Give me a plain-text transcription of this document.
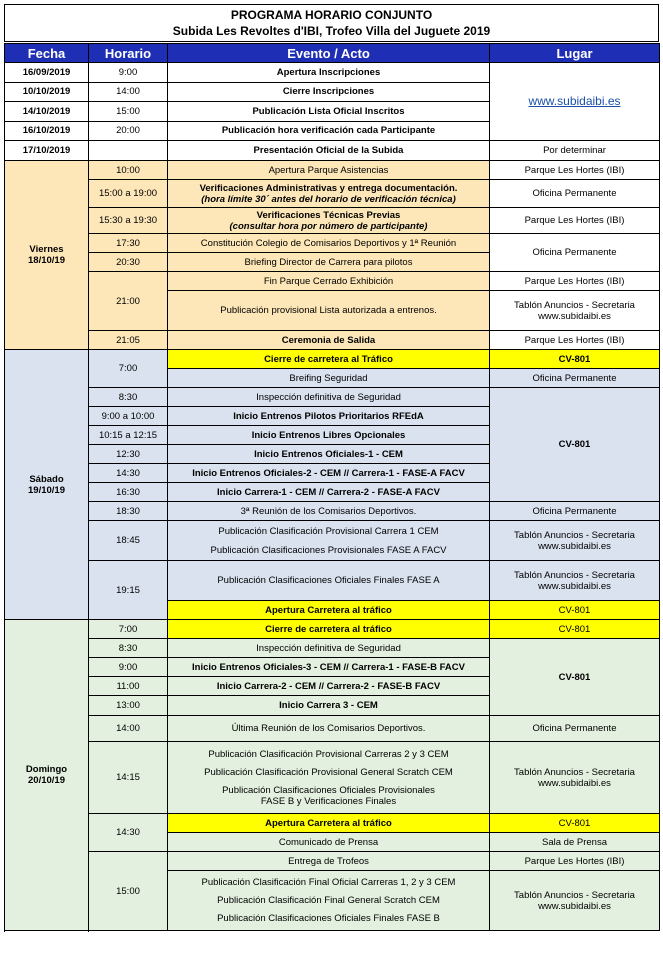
PROGRAMA HORARIO CONJUNTO
Subida Les Revoltes d'IBI, Trofeo Villa del Juguete 2019
Fecha	Horario	Evento / Acto	Lugar
16/09/2019	9:00	Apertura Inscripciones	www.subidaibi.es
10/10/2019	14:00	Cierre Inscripciones	
14/10/2019	15:00	Publicación Lista Oficial Inscritos	
16/10/2019	20:00	Publicación hora verificación cada Participante	
17/10/2019		Presentación Oficial de la Subida	Por determinar

Viernes
18/10/19	10:00	Apertura Parque Asistencias	Parque Les Hortes (IBI)
	15:00 a 19:00	Verificaciones Administrativas y entrega documentación.
(hora límite 30´ antes del horario de verificación técnica)	Oficina Permanente
	15:30 a 19:30	Verificaciones Técnicas Previas
(consultar hora por número de participante)	Parque Les Hortes (IBI)
	17:30	Constitución Colegio de Comisarios Deportivos y 1ª Reunión	Oficina Permanente
	20:30	Briefing Director de Carrera para pilotos	
	21:00	Fin Parque Cerrado Exhibición	Parque Les Hortes (IBI)
		Publicación provisional Lista autorizada a entrenos.	Tablón Anuncios - Secretaria
www.subidaibi.es

	21:05	Ceremonia de Salida	Parque Les Hortes (IBI)

Sábado
19/10/19	7:00	Cierre de carretera al Tráfico	CV-801
		Breifing Seguridad	Oficina Permanente
	8:30	Inspección definitiva de Seguridad	CV-801
	9:00 a 10:00	Inicio Entrenos Pilotos Prioritarios RFEdA	
	10:15 a 12:15	Inicio Entrenos Libres Opcionales	
	12:30	Inicio Entrenos Oficiales-1 - CEM	
	14:30	Inicio Entrenos Oficiales-2 - CEM // Carrera-1 - FASE-A FACV	
	16:30	Inicio Carrera-1 - CEM // Carrera-2 - FASE-A FACV	
	18:30	3ª Reunión de los Comisarios Deportivos.	Oficina Permanente
	18:45	Publicación Clasificación Provisional Carrera 1 CEM
Publicación Clasificaciones Provisionales FASE A FACV	Tablón Anuncios - Secretaria
www.subidaibi.es

	19:15	Publicación Clasificaciones Oficiales Finales FASE A	Tablón Anuncios - Secretaria
www.subidaibi.es

		Apertura Carretera al tráfico	CV-801

Domingo
20/10/19	7:00	Cierre de carretera al tráfico	CV-801
	8:30	Inspección definitiva de Seguridad	CV-801
	9:00	Inicio Entrenos Oficiales-3 - CEM // Carrera-1 - FASE-B FACV	
	11:00	Inicio Carrera-2 - CEM // Carrera-2 - FASE-B FACV	
	13:00	Inicio Carrera 3 - CEM	
	14:00	Última Reunión de los Comisarios Deportivos.	Oficina Permanente
	14:15	Publicación Clasificación Provisional Carreras 2 y 3 CEM
Publicación Clasificación Provisional General Scratch CEM
Publicación Clasificaciones Oficiales Provisionales FASE B y Verificaciones Finales	Tablón Anuncios - Secretaria
www.subidaibi.es

	14:30	Apertura Carretera al tráfico	CV-801
		Comunicado de Prensa	Sala de Prensa
	15:00	Entrega de Trofeos	Parque Les Hortes (IBI)

		Publicación Clasificación Final Oficial Carreras 1, 2 y 3 CEM
Publicación Clasificación Final General Scratch CEM
Publicación Clasificaciones Oficiales Finales FASE B	Tablón Anuncios - Secretaria
www.subidaibi.es
